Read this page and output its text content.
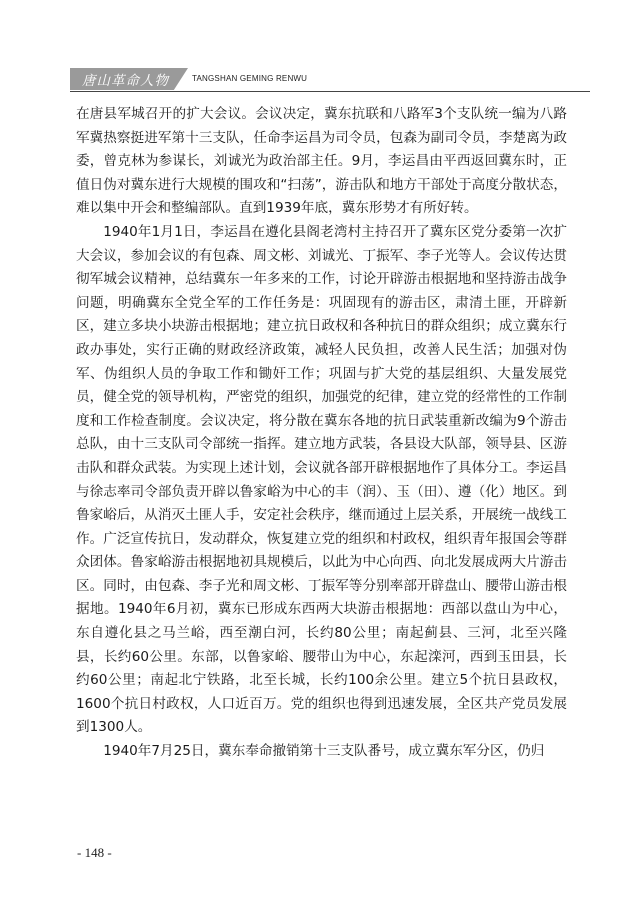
唐山革命人物	TANGSHAN GEMING RENWU

在唐县军城召开的扩大会议。会议决定，冀东抗联和八路军3个支队统一编为八路军冀热察挺进军第十三支队，任命李运昌为司令员，包森为副司令员，李楚离为政委，曾克林为参谋长，刘诚光为政治部主任。9月，李运昌由平西返回冀东时，正值日伪对冀东进行大规模的围攻和“扫荡”，游击队和地方干部处于高度分散状态，难以集中开会和整编部队。直到1939年底，冀东形势才有所好转。

1940年1月1日，李运昌在遵化县阁老湾村主持召开了冀东区党分委第一次扩大会议，参加会议的有包森、周文彬、刘诚光、丁振军、李子光等人。会议传达贯彻军城会议精神，总结冀东一年多来的工作，讨论开辟游击根据地和坚持游击战争问题，明确冀东全党全军的工作任务是：巩固现有的游击区，肃清土匪，开辟新区，建立多块小块游击根据地；建立抗日政权和各种抗日的群众组织；成立冀东行政办事处，实行正确的财政经济政策，减轻人民负担，改善人民生活；加强对伪军、伪组织人员的争取工作和锄奸工作；巩固与扩大党的基层组织、大量发展党员，健全党的领导机构，严密党的组织，加强党的纪律，建立党的经常性的工作制度和工作检查制度。会议决定，将分散在冀东各地的抗日武装重新改编为9个游击总队，由十三支队司令部统一指挥。建立地方武装，各县设大队部，领导县、区游击队和群众武装。为实现上述计划，会议就各部开辟根据地作了具体分工。李运昌与徐志率司令部负责开辟以鲁家峪为中心的丰（润）、玉（田）、遵（化）地区。到鲁家峪后，从消灭土匪人手，安定社会秩序，继而通过上层关系，开展统一战线工作。广泛宣传抗日，发动群众，恢复建立党的组织和村政权，组织青年报国会等群众团体。鲁家峪游击根据地初具规模后，以此为中心向西、向北发展成两大片游击区。同时，由包森、李子光和周文彬、丁振军等分别率部开辟盘山、腰带山游击根据地。1940年6月初，冀东已形成东西两大块游击根据地：西部以盘山为中心，东自遵化县之马兰峪，西至潮白河，长约80公里；南起蓟县、三河，北至兴隆县，长约60公里。东部，以鲁家峪、腰带山为中心，东起滦河，西到玉田县，长约60公里；南起北宁铁路，北至长城，长约100余公里。建立5个抗日县政权，1600个抗日村政权，人口近百万。党的组织也得到迅速发展，全区共产党员发展到1300人。

1940年7月25日，冀东奉命撤销第十三支队番号，成立冀东军分区，仍归

- 148 -
